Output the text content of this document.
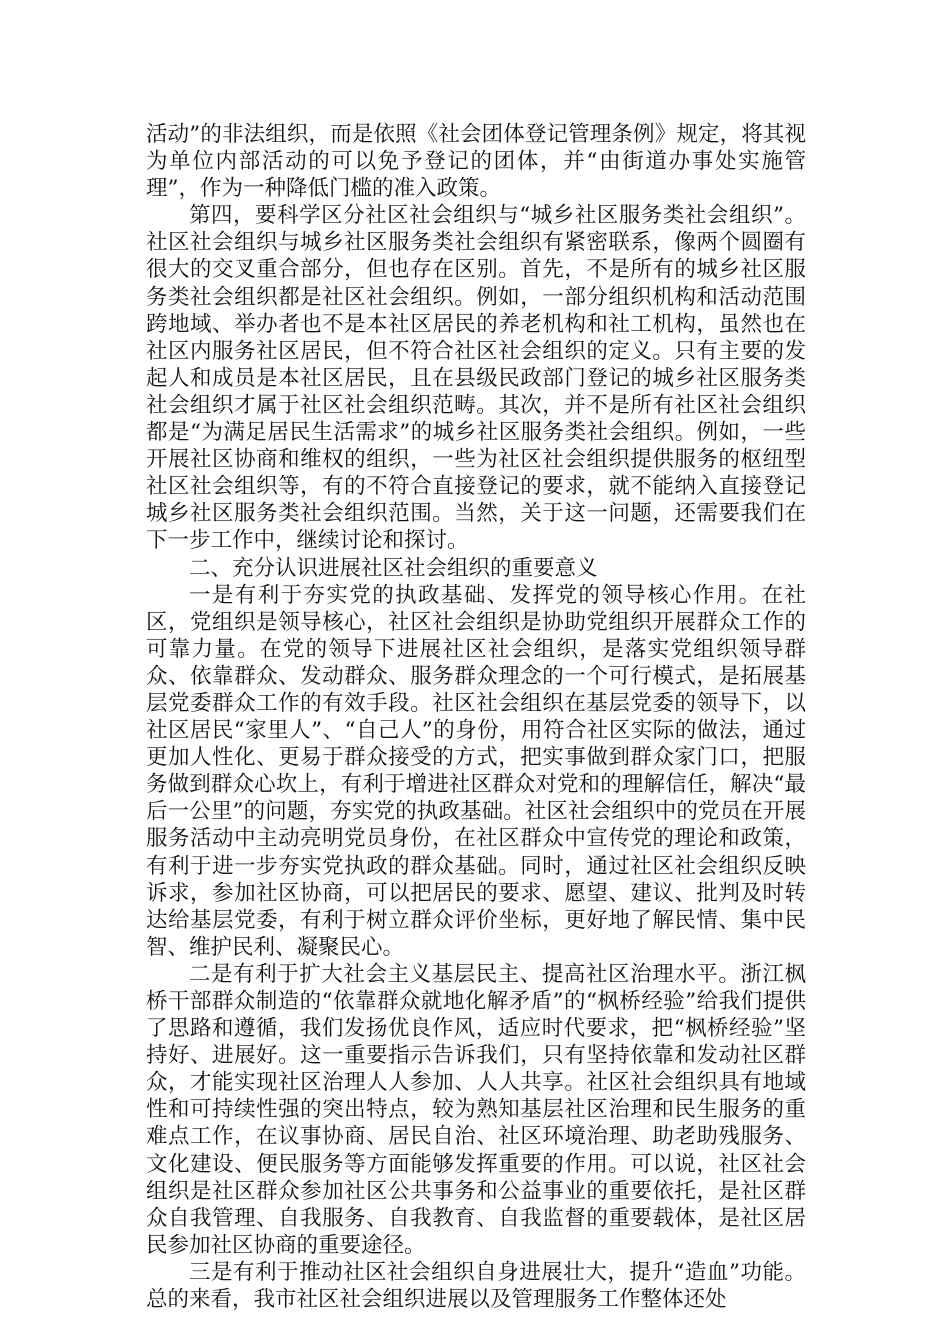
活动”的非法组织，而是依照《社会团体登记管理条例》规定，将其视为单位内部活动的可以免予登记的团体，并“由街道办事处实施管理”，作为一种降低门槛的准入政策。

第四，要科学区分社区社会组织与“城乡社区服务类社会组织”。社区社会组织与城乡社区服务类社会组织有紧密联系，像两个圆圈有很大的交叉重合部分，但也存在区别。首先，不是所有的城乡社区服务类社会组织都是社区社会组织。例如，一部分组织机构和活动范围跨地域、举办者也不是本社区居民的养老机构和社工机构，虽然也在社区内服务社区居民，但不符合社区社会组织的定义。只有主要的发起人和成员是本社区居民，且在县级民政部门登记的城乡社区服务类社会组织才属于社区社会组织范畴。其次，并不是所有社区社会组织都是“为满足居民生活需求”的城乡社区服务类社会组织。例如，一些开展社区协商和维权的组织，一些为社区社会组织提供服务的枢纽型社区社会组织等，有的不符合直接登记的要求，就不能纳入直接登记城乡社区服务类社会组织范围。当然，关于这一问题，还需要我们在下一步工作中，继续讨论和探讨。

二、充分认识进展社区社会组织的重要意义

一是有利于夯实党的执政基础、发挥党的领导核心作用。在社区，党组织是领导核心，社区社会组织是协助党组织开展群众工作的可靠力量。在党的领导下进展社区社会组织，是落实党组织领导群众、依靠群众、发动群众、服务群众理念的一个可行模式，是拓展基层党委群众工作的有效手段。社区社会组织在基层党委的领导下，以社区居民“家里人”、“自己人”的身份，用符合社区实际的做法，通过更加人性化、更易于群众接受的方式，把实事做到群众家门口，把服务做到群众心坎上，有利于增进社区群众对党和的理解信任，解决“最后一公里”的问题，夯实党的执政基础。社区社会组织中的党员在开展服务活动中主动亮明党员身份，在社区群众中宣传党的理论和政策，有利于进一步夯实党执政的群众基础。同时，通过社区社会组织反映诉求，参加社区协商，可以把居民的要求、愿望、建议、批判及时转达给基层党委，有利于树立群众评价坐标，更好地了解民情、集中民智、维护民利、凝聚民心。

二是有利于扩大社会主义基层民主、提高社区治理水平。浙江枫桥干部群众制造的“依靠群众就地化解矛盾”的“枫桥经验”给我们提供了思路和遵循，我们发扬优良作风，适应时代要求，把“枫桥经验”坚持好、进展好。这一重要指示告诉我们，只有坚持依靠和发动社区群众，才能实现社区治理人人参加、人人共享。社区社会组织具有地域性和可持续性强的突出特点，较为熟知基层社区治理和民生服务的重难点工作，在议事协商、居民自治、社区环境治理、助老助残服务、文化建设、便民服务等方面能够发挥重要的作用。可以说，社区社会组织是社区群众参加社区公共事务和公益事业的重要依托，是社区群众自我管理、自我服务、自我教育、自我监督的重要载体，是社区居民参加社区协商的重要途径。

三是有利于推动社区社会组织自身进展壮大，提升“造血”功能。总的来看，我市社区社会组织进展以及管理服务工作整体还处
